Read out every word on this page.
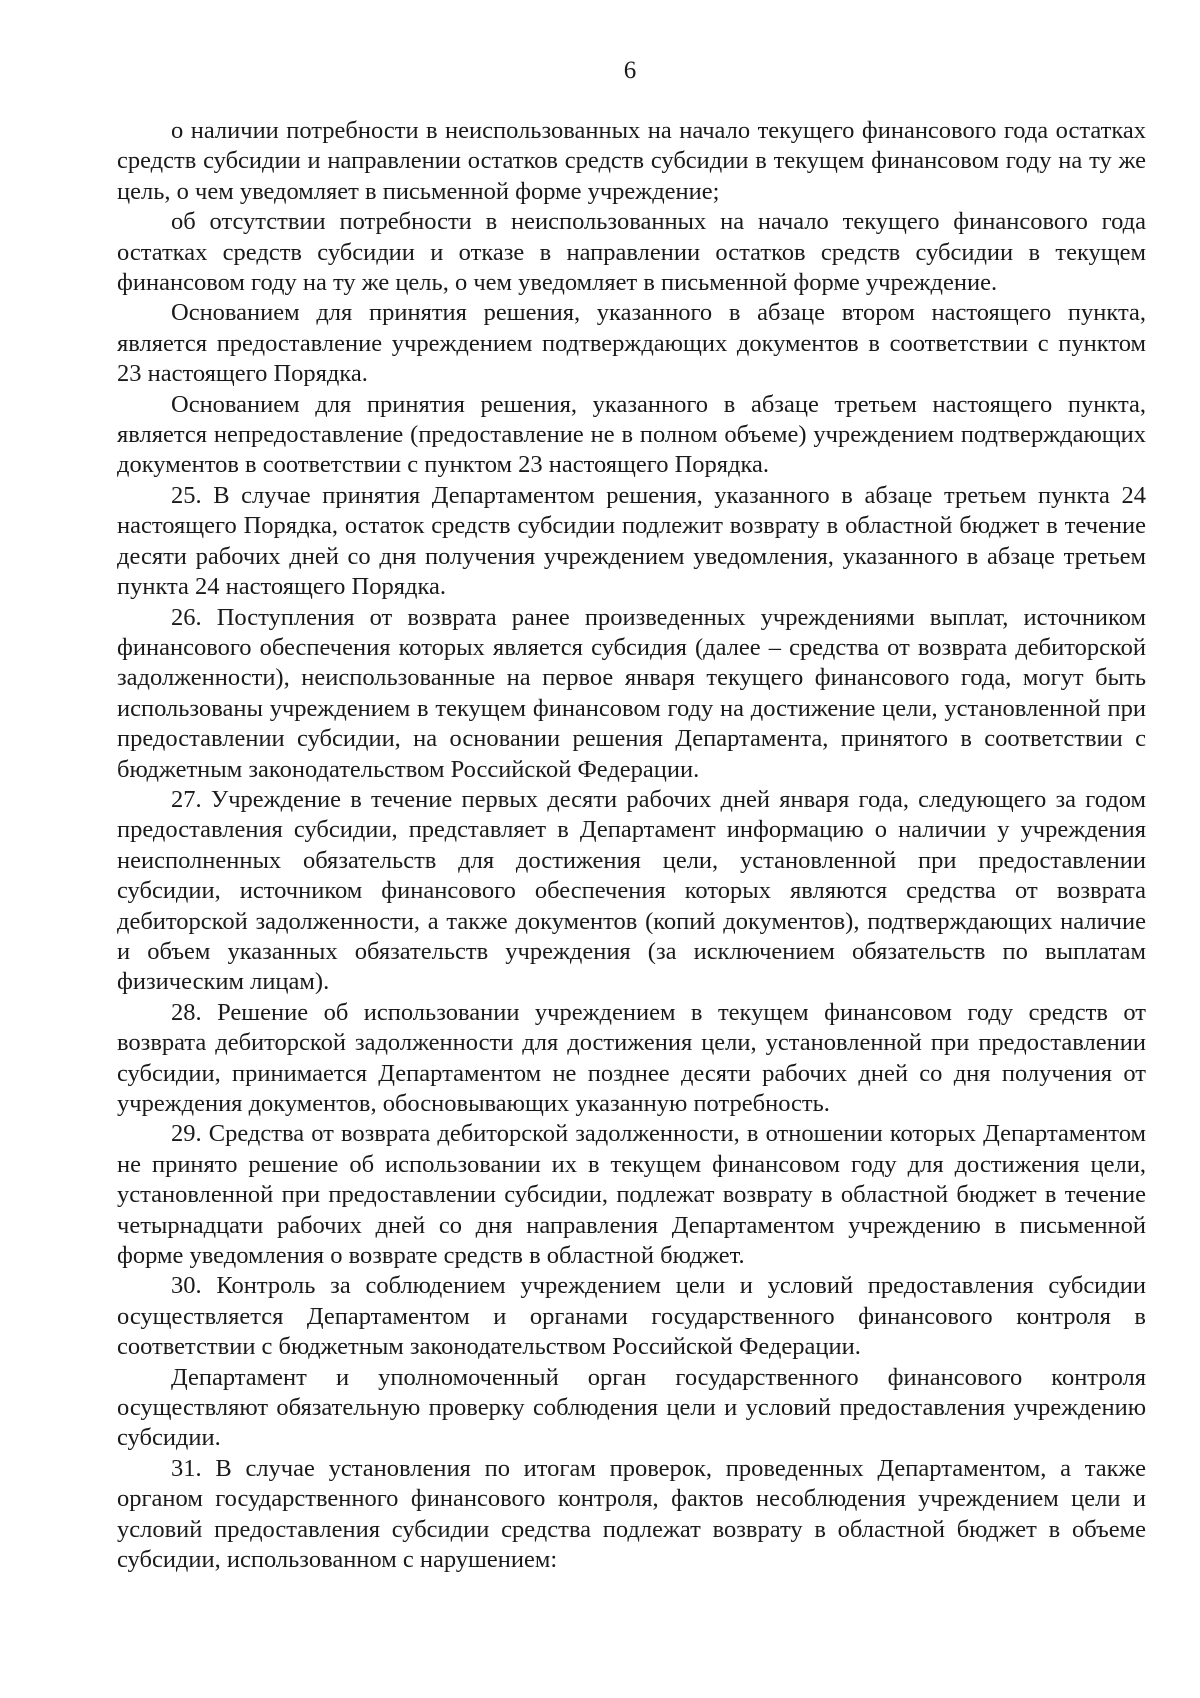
6

о наличии потребности в неиспользованных на начало текущего финансового года остатках средств субсидии и направлении остатков средств субсидии в текущем финансовом году на ту же цель, о чем уведомляет в письменной форме учреждение;

об отсутствии потребности в неиспользованных на начало текущего финансового года остатках средств субсидии и отказе в направлении остатков средств субсидии в текущем финансовом году на ту же цель, о чем уведомляет в письменной форме учреждение.

Основанием для принятия решения, указанного в абзаце втором настоящего пункта, является предоставление учреждением подтверждающих документов в соответствии с пунктом 23 настоящего Порядка.

Основанием для принятия решения, указанного в абзаце третьем настоящего пункта, является непредоставление (предоставление не в полном объеме) учреждением подтверждающих документов в соответствии с пунктом 23 настоящего Порядка.

25. В случае принятия Департаментом решения, указанного в абзаце третьем пункта 24 настоящего Порядка, остаток средств субсидии подлежит возврату в областной бюджет в течение десяти рабочих дней со дня получения учреждением уведомления, указанного в абзаце третьем пункта 24 настоящего Порядка.

26. Поступления от возврата ранее произведенных учреждениями выплат, источником финансового обеспечения которых является субсидия (далее – средства от возврата дебиторской задолженности), неиспользованные на первое января текущего финансового года, могут быть использованы учреждением в текущем финансовом году на достижение цели, установленной при предоставлении субсидии, на основании решения Департамента, принятого в соответствии с бюджетным законодательством Российской Федерации.

27. Учреждение в течение первых десяти рабочих дней января года, следующего за годом предоставления субсидии, представляет в Департамент информацию о наличии у учреждения неисполненных обязательств для достижения цели, установленной при предоставлении субсидии, источником финансового обеспечения которых являются средства от возврата дебиторской задолженности, а также документов (копий документов), подтверждающих наличие и объем указанных обязательств учреждения (за исключением обязательств по выплатам физическим лицам).

28. Решение об использовании учреждением в текущем финансовом году средств от возврата дебиторской задолженности для достижения цели, установленной при предоставлении субсидии, принимается Департаментом не позднее десяти рабочих дней со дня получения от учреждения документов, обосновывающих указанную потребность.

29. Средства от возврата дебиторской задолженности, в отношении которых Департаментом не принято решение об использовании их в текущем финансовом году для достижения цели, установленной при предоставлении субсидии, подлежат возврату в областной бюджет в течение четырнадцати рабочих дней со дня направления Департаментом учреждению в письменной форме уведомления о возврате средств в областной бюджет.

30. Контроль за соблюдением учреждением цели и условий предоставления субсидии осуществляется Департаментом и органами государственного финансового контроля в соответствии с бюджетным законодательством Российской Федерации.

Департамент и уполномоченный орган государственного финансового контроля осуществляют обязательную проверку соблюдения цели и условий предоставления учреждению субсидии.

31. В случае установления по итогам проверок, проведенных Департаментом, а также органом государственного финансового контроля, фактов несоблюдения учреждением цели и условий предоставления субсидии средства подлежат возврату в областной бюджет в объеме субсидии, использованном с нарушением:
